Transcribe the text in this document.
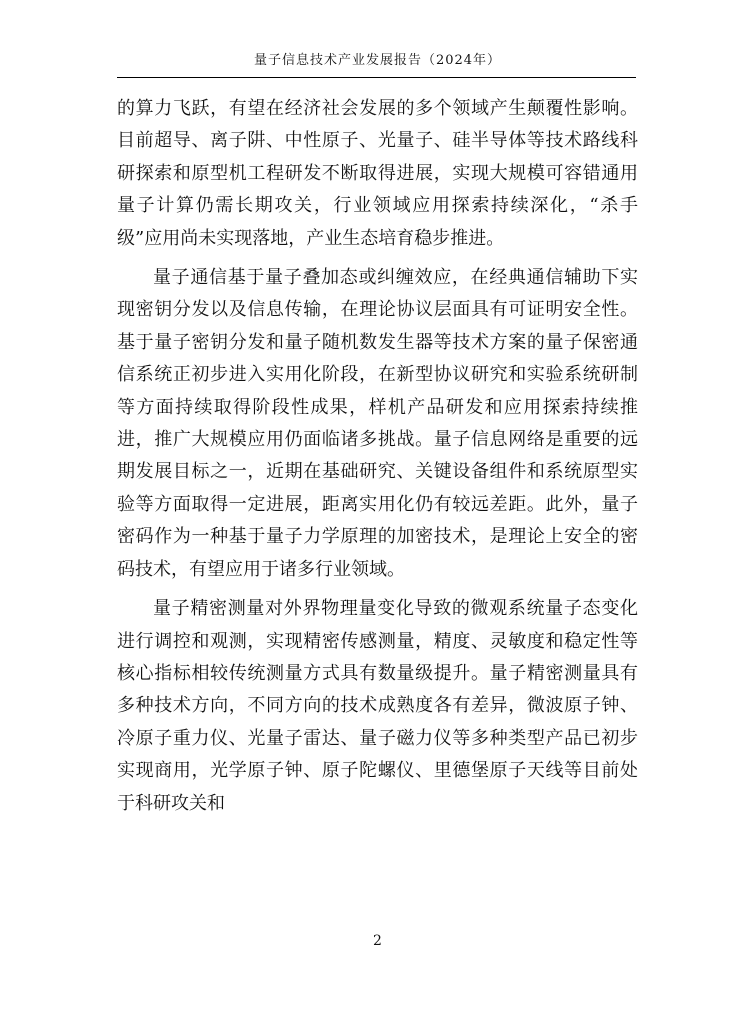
量子信息技术产业发展报告（2024年）

的算力飞跃，有望在经济社会发展的多个领域产生颠覆性影响。目前超导、离子阱、中性原子、光量子、硅半导体等技术路线科研探索和原型机工程研发不断取得进展，实现大规模可容错通用量子计算仍需长期攻关，行业领域应用探索持续深化，“杀手级”应用尚未实现落地，产业生态培育稳步推进。

量子通信基于量子叠加态或纠缠效应，在经典通信辅助下实现密钥分发以及信息传输，在理论协议层面具有可证明安全性。基于量子密钥分发和量子随机数发生器等技术方案的量子保密通信系统正初步进入实用化阶段，在新型协议研究和实验系统研制等方面持续取得阶段性成果，样机产品研发和应用探索持续推进，推广大规模应用仍面临诸多挑战。量子信息网络是重要的远期发展目标之一，近期在基础研究、关键设备组件和系统原型实验等方面取得一定进展，距离实用化仍有较远差距。此外，量子密码作为一种基于量子力学原理的加密技术，是理论上安全的密码技术，有望应用于诸多行业领域。

量子精密测量对外界物理量变化导致的微观系统量子态变化进行调控和观测，实现精密传感测量，精度、灵敏度和稳定性等核心指标相较传统测量方式具有数量级提升。量子精密测量具有多种技术方向，不同方向的技术成熟度各有差异，微波原子钟、冷原子重力仪、光量子雷达、量子磁力仪等多种类型产品已初步实现商用，光学原子钟、原子陀螺仪、里德堡原子天线等目前处于科研攻关和

2
